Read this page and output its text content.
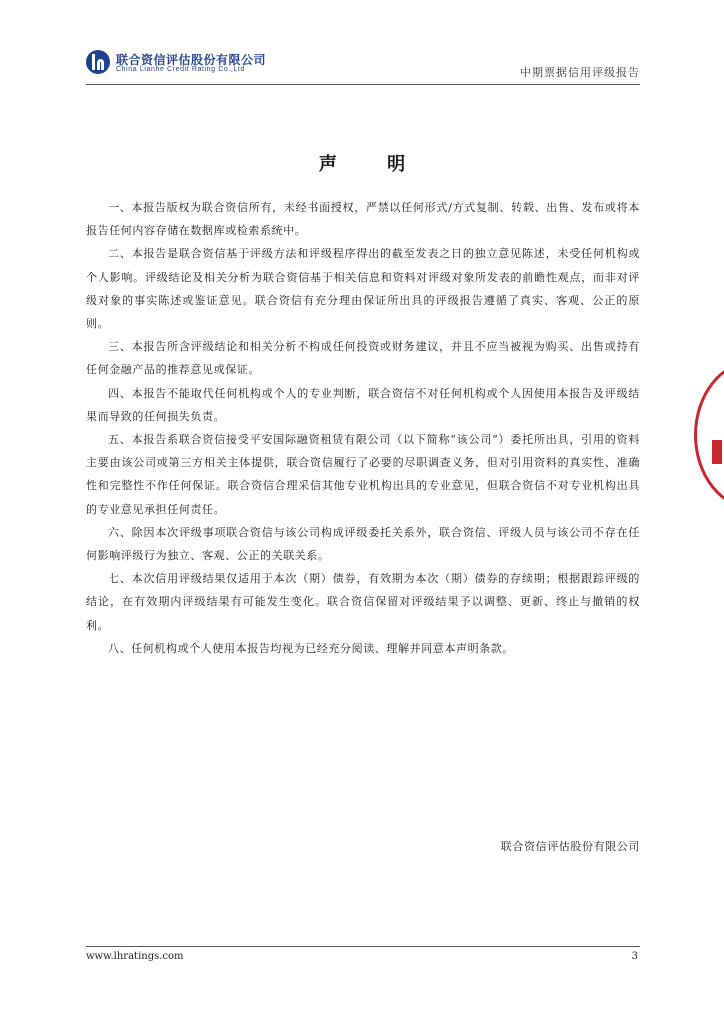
联合资信评估股份有限公司
China Lianhe Credit Rating Co.,Ltd	中期票据信用评级报告
声 明

一、本报告版权为联合资信所有，未经书面授权，严禁以任何形式/方式复制、转载、出售、发布或将本报告任何内容存储在数据库或检索系统中。

二、本报告是联合资信基于评级方法和评级程序得出的截至发表之日的独立意见陈述，未受任何机构或个人影响。评级结论及相关分析为联合资信基于相关信息和资料对评级对象所发表的前瞻性观点，而非对评级对象的事实陈述或鉴证意见。联合资信有充分理由保证所出具的评级报告遵循了真实、客观、公正的原则。

三、本报告所含评级结论和相关分析不构成任何投资或财务建议，并且不应当被视为购买、出售或持有任何金融产品的推荐意见或保证。

四、本报告不能取代任何机构或个人的专业判断，联合资信不对任何机构或个人因使用本报告及评级结果而导致的任何损失负责。

五、本报告系联合资信接受平安国际融资租赁有限公司（以下简称“该公司”）委托所出具，引用的资料主要由该公司或第三方相关主体提供，联合资信履行了必要的尽职调查义务，但对引用资料的真实性、准确性和完整性不作任何保证。联合资信合理采信其他专业机构出具的专业意见，但联合资信不对专业机构出具的专业意见承担任何责任。

六、除因本次评级事项联合资信与该公司构成评级委托关系外，联合资信、评级人员与该公司不存在任何影响评级行为独立、客观、公正的关联关系。

七、本次信用评级结果仅适用于本次（期）债券，有效期为本次（期）债券的存续期；根据跟踪评级的结论，在有效期内评级结果有可能发生变化。联合资信保留对评级结果予以调整、更新、终止与撤销的权利。

八、任何机构或个人使用本报告均视为已经充分阅读、理解并同意本声明条款。

联合资信评估股份有限公司
www.lhratings.com	3
